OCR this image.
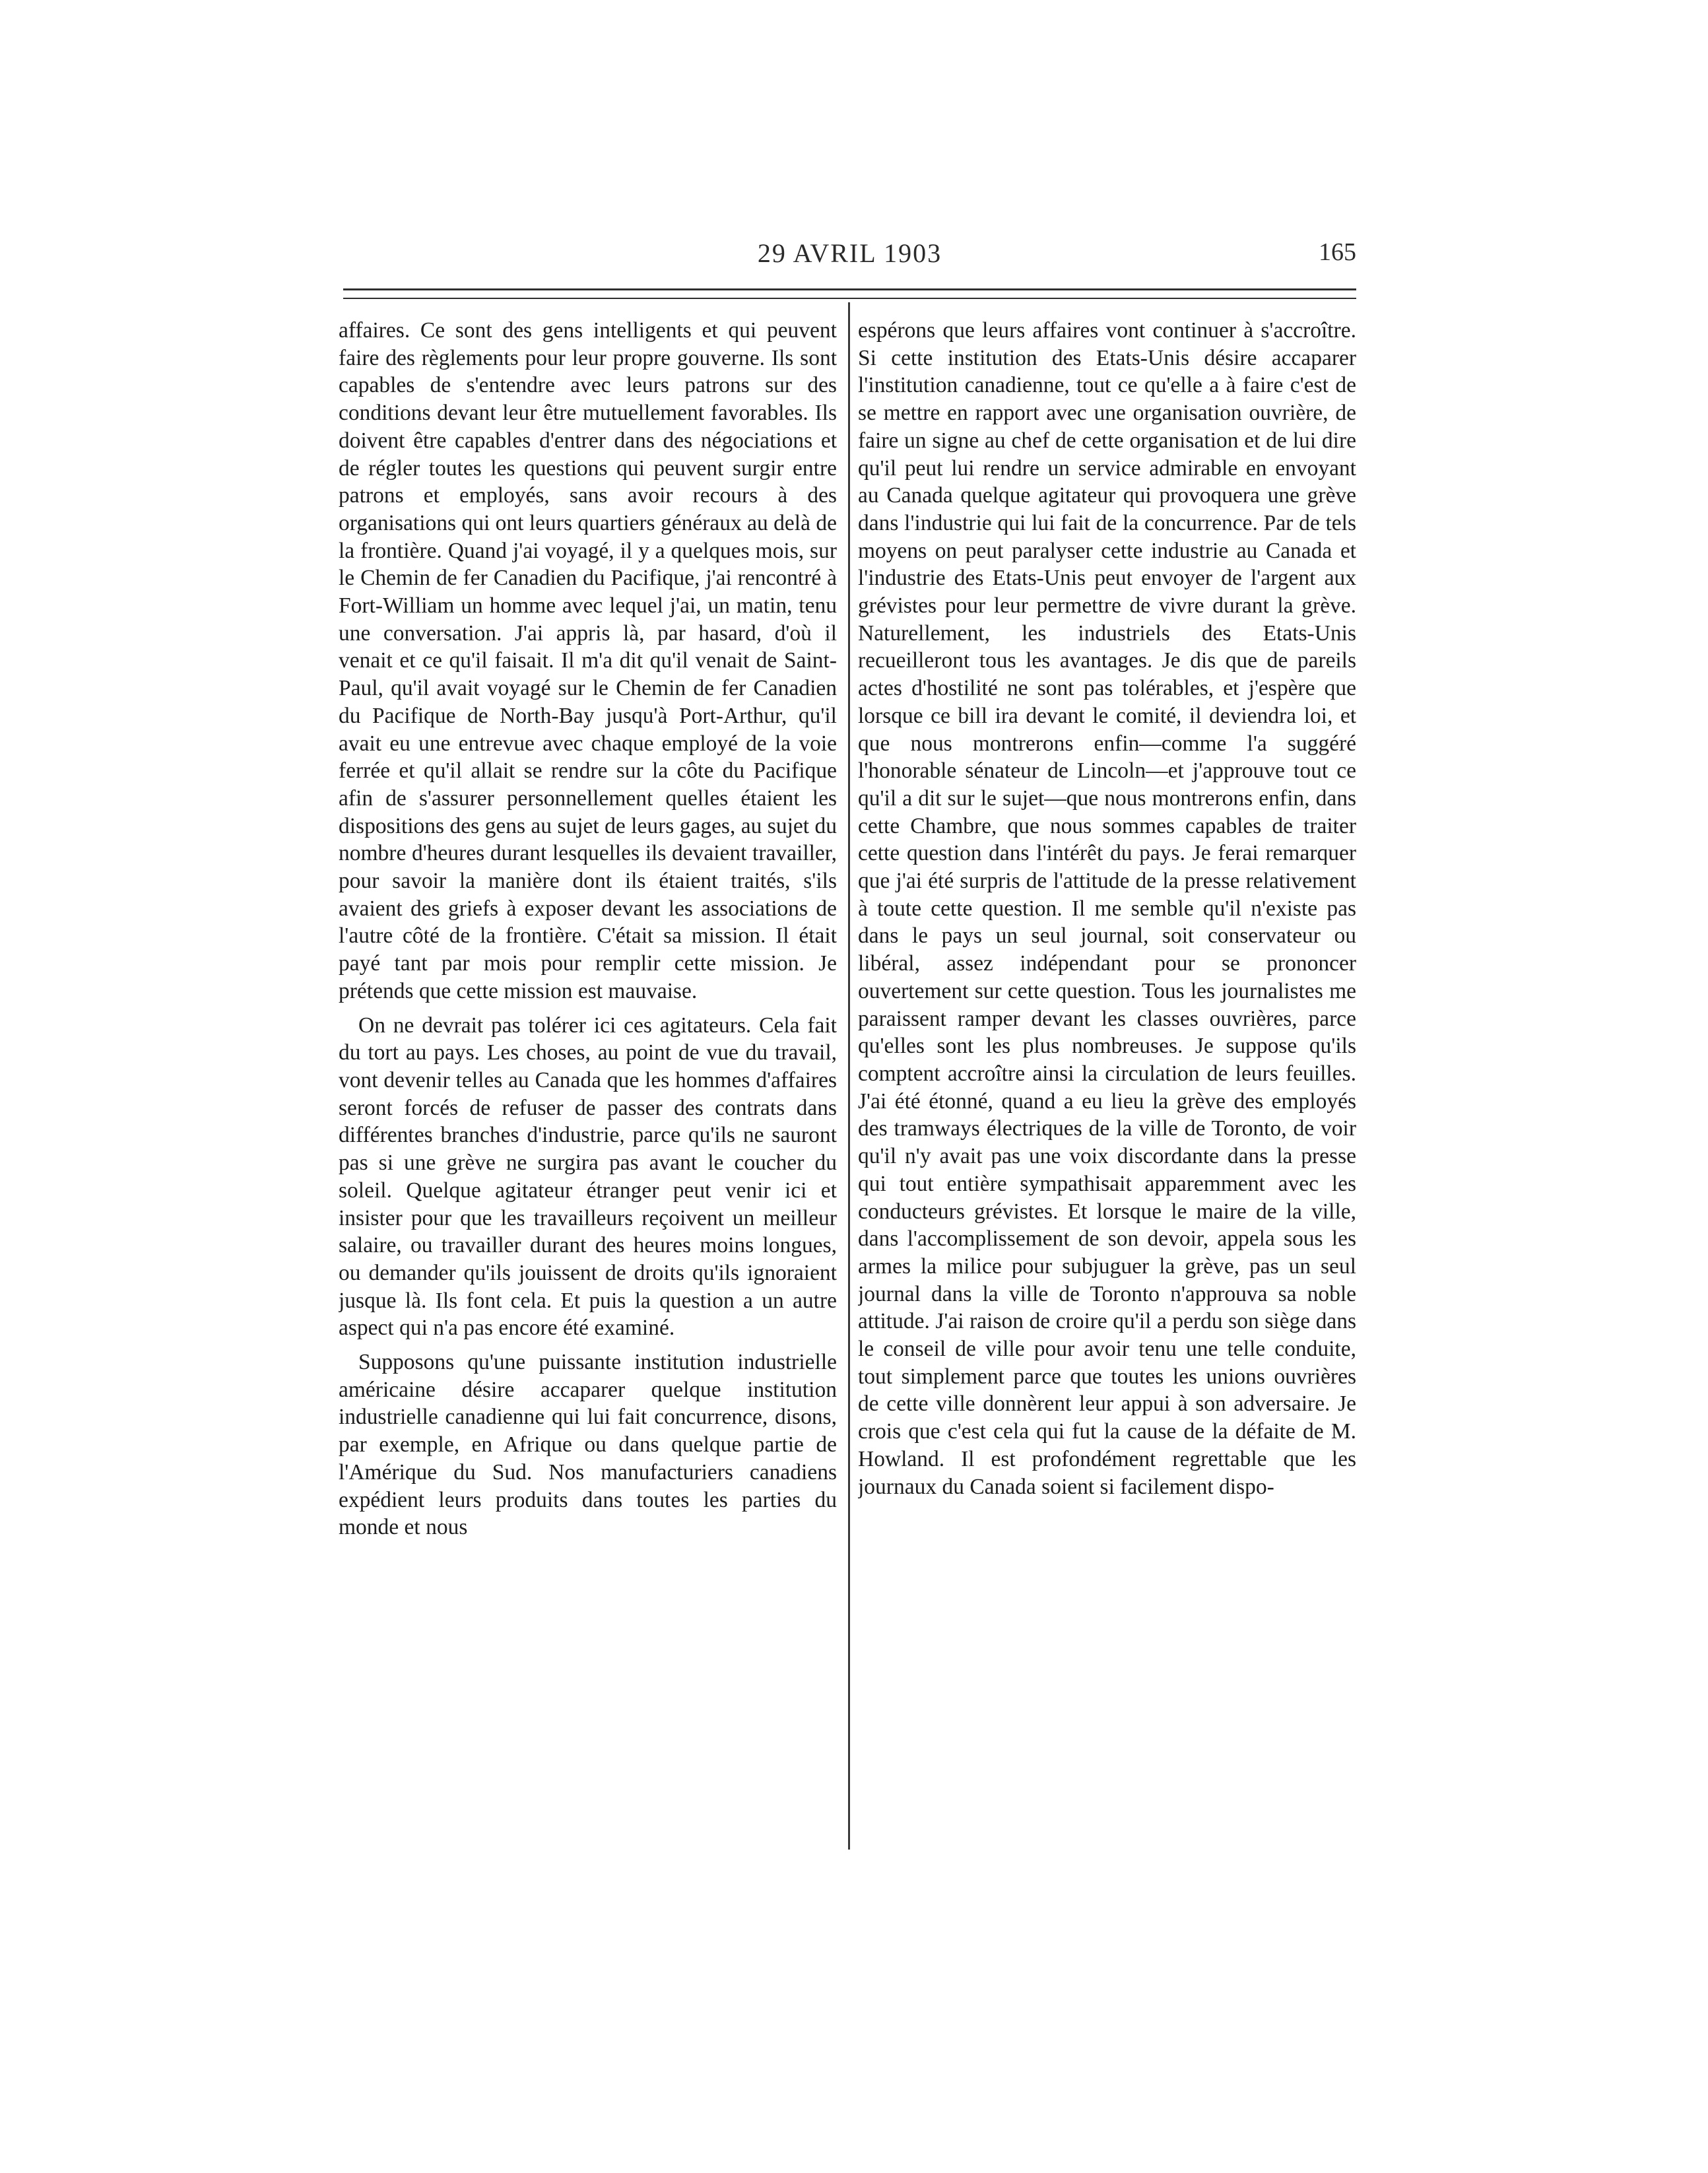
29 AVRIL 1903	165

affaires. Ce sont des gens intelligents et qui peuvent faire des règlements pour leur propre gouverne. Ils sont capables de s'entendre avec leurs patrons sur des conditions devant leur être mutuellement favorables. Ils doivent être capables d'entrer dans des négociations et de régler toutes les questions qui peuvent surgir entre patrons et employés, sans avoir recours à des organisations qui ont leurs quartiers généraux au delà de la frontière. Quand j'ai voyagé, il y a quelques mois, sur le Chemin de fer Canadien du Pacifique, j'ai rencontré à Fort-William un homme avec lequel j'ai, un matin, tenu une conversation. J'ai appris là, par hasard, d'où il venait et ce qu'il faisait. Il m'a dit qu'il venait de Saint-Paul, qu'il avait voyagé sur le Chemin de fer Canadien du Pacifique de North-Bay jusqu'à Port-Arthur, qu'il avait eu une entrevue avec chaque employé de la voie ferrée et qu'il allait se rendre sur la côte du Pacifique afin de s'assurer personnellement quelles étaient les dispositions des gens au sujet de leurs gages, au sujet du nombre d'heures durant lesquelles ils devaient travailler, pour savoir la manière dont ils étaient traités, s'ils avaient des griefs à exposer devant les associations de l'autre côté de la frontière. C'était sa mission. Il était payé tant par mois pour remplir cette mission. Je prétends que cette mission est mauvaise.

On ne devrait pas tolérer ici ces agitateurs. Cela fait du tort au pays. Les choses, au point de vue du travail, vont devenir telles au Canada que les hommes d'affaires seront forcés de refuser de passer des contrats dans différentes branches d'industrie, parce qu'ils ne sauront pas si une grève ne surgira pas avant le coucher du soleil. Quelque agitateur étranger peut venir ici et insister pour que les travailleurs reçoivent un meilleur salaire, ou travailler durant des heures moins longues, ou demander qu'ils jouissent de droits qu'ils ignoraient jusque là. Ils font cela. Et puis la question a un autre aspect qui n'a pas encore été examiné.

Supposons qu'une puissante institution industrielle américaine désire accaparer quelque institution industrielle canadienne qui lui fait concurrence, disons, par exemple, en Afrique ou dans quelque partie de l'Amérique du Sud. Nos manufacturiers canadiens expédient leurs produits dans toutes les parties du monde et nous

espérons que leurs affaires vont continuer à s'accroître. Si cette institution des Etats-Unis désire accaparer l'institution canadienne, tout ce qu'elle a à faire c'est de se mettre en rapport avec une organisation ouvrière, de faire un signe au chef de cette organisation et de lui dire qu'il peut lui rendre un service admirable en envoyant au Canada quelque agitateur qui provoquera une grève dans l'industrie qui lui fait de la concurrence. Par de tels moyens on peut paralyser cette industrie au Canada et l'industrie des Etats-Unis peut envoyer de l'argent aux grévistes pour leur permettre de vivre durant la grève. Naturellement, les industriels des Etats-Unis recueilleront tous les avantages. Je dis que de pareils actes d'hostilité ne sont pas tolérables, et j'espère que lorsque ce bill ira devant le comité, il deviendra loi, et que nous montrerons enfin—comme l'a suggéré l'honorable sénateur de Lincoln—et j'approuve tout ce qu'il a dit sur le sujet—que nous montrerons enfin, dans cette Chambre, que nous sommes capables de traiter cette question dans l'intérêt du pays. Je ferai remarquer que j'ai été surpris de l'attitude de la presse relativement à toute cette question. Il me semble qu'il n'existe pas dans le pays un seul journal, soit conservateur ou libéral, assez indépendant pour se prononcer ouvertement sur cette question. Tous les journalistes me paraissent ramper devant les classes ouvrières, parce qu'elles sont les plus nombreuses. Je suppose qu'ils comptent accroître ainsi la circulation de leurs feuilles. J'ai été étonné, quand a eu lieu la grève des employés des tramways électriques de la ville de Toronto, de voir qu'il n'y avait pas une voix discordante dans la presse qui tout entière sympathisait apparemment avec les conducteurs grévistes. Et lorsque le maire de la ville, dans l'accomplissement de son devoir, appela sous les armes la milice pour subjuguer la grève, pas un seul journal dans la ville de Toronto n'approuva sa noble attitude. J'ai raison de croire qu'il a perdu son siège dans le conseil de ville pour avoir tenu une telle conduite, tout simplement parce que toutes les unions ouvrières de cette ville donnèrent leur appui à son adversaire. Je crois que c'est cela qui fut la cause de la défaite de M. Howland. Il est profondément regrettable que les journaux du Canada soient si facilement dispo-
